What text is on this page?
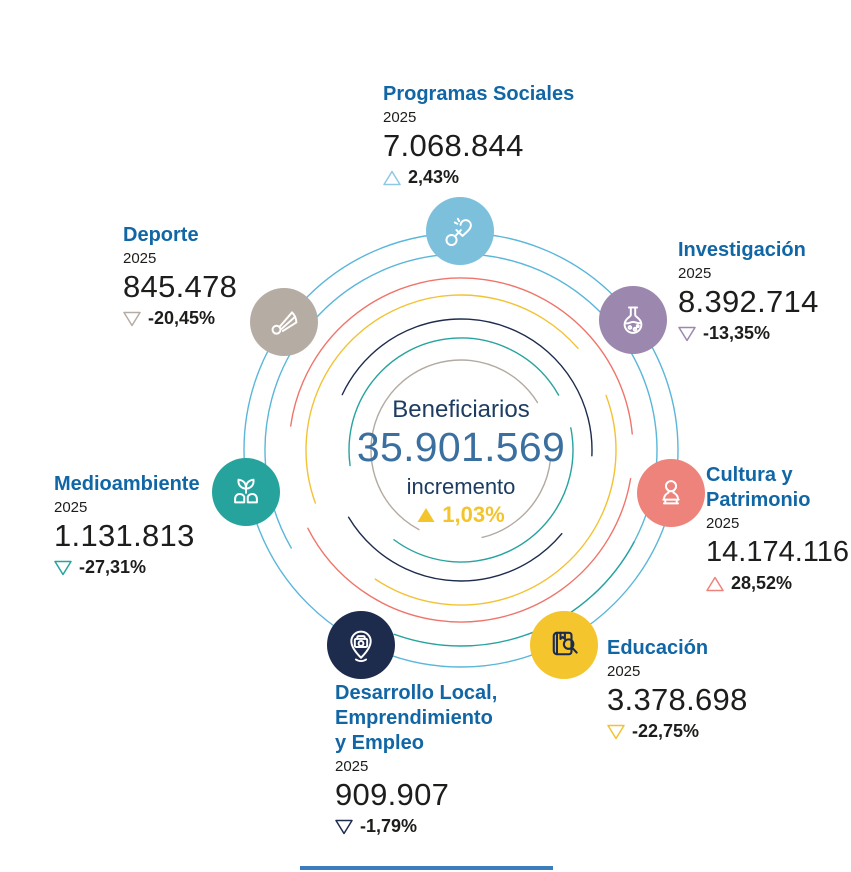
Programas Sociales
2025
7.068.844
2,43%
Investigación
2025
8.392.714
-13,35%
Cultura y
Patrimonio
2025
14.174.116
28,52%
Educación
2025
3.378.698
-22,75%
Desarrollo Local,
Emprendimiento
y Empleo
2025
909.907
-1,79%
Medioambiente
2025
1.131.813
-27,31%
Deporte
2025
845.478
-20,45%
Beneficiarios
35.901.569
incremento
1,03%
